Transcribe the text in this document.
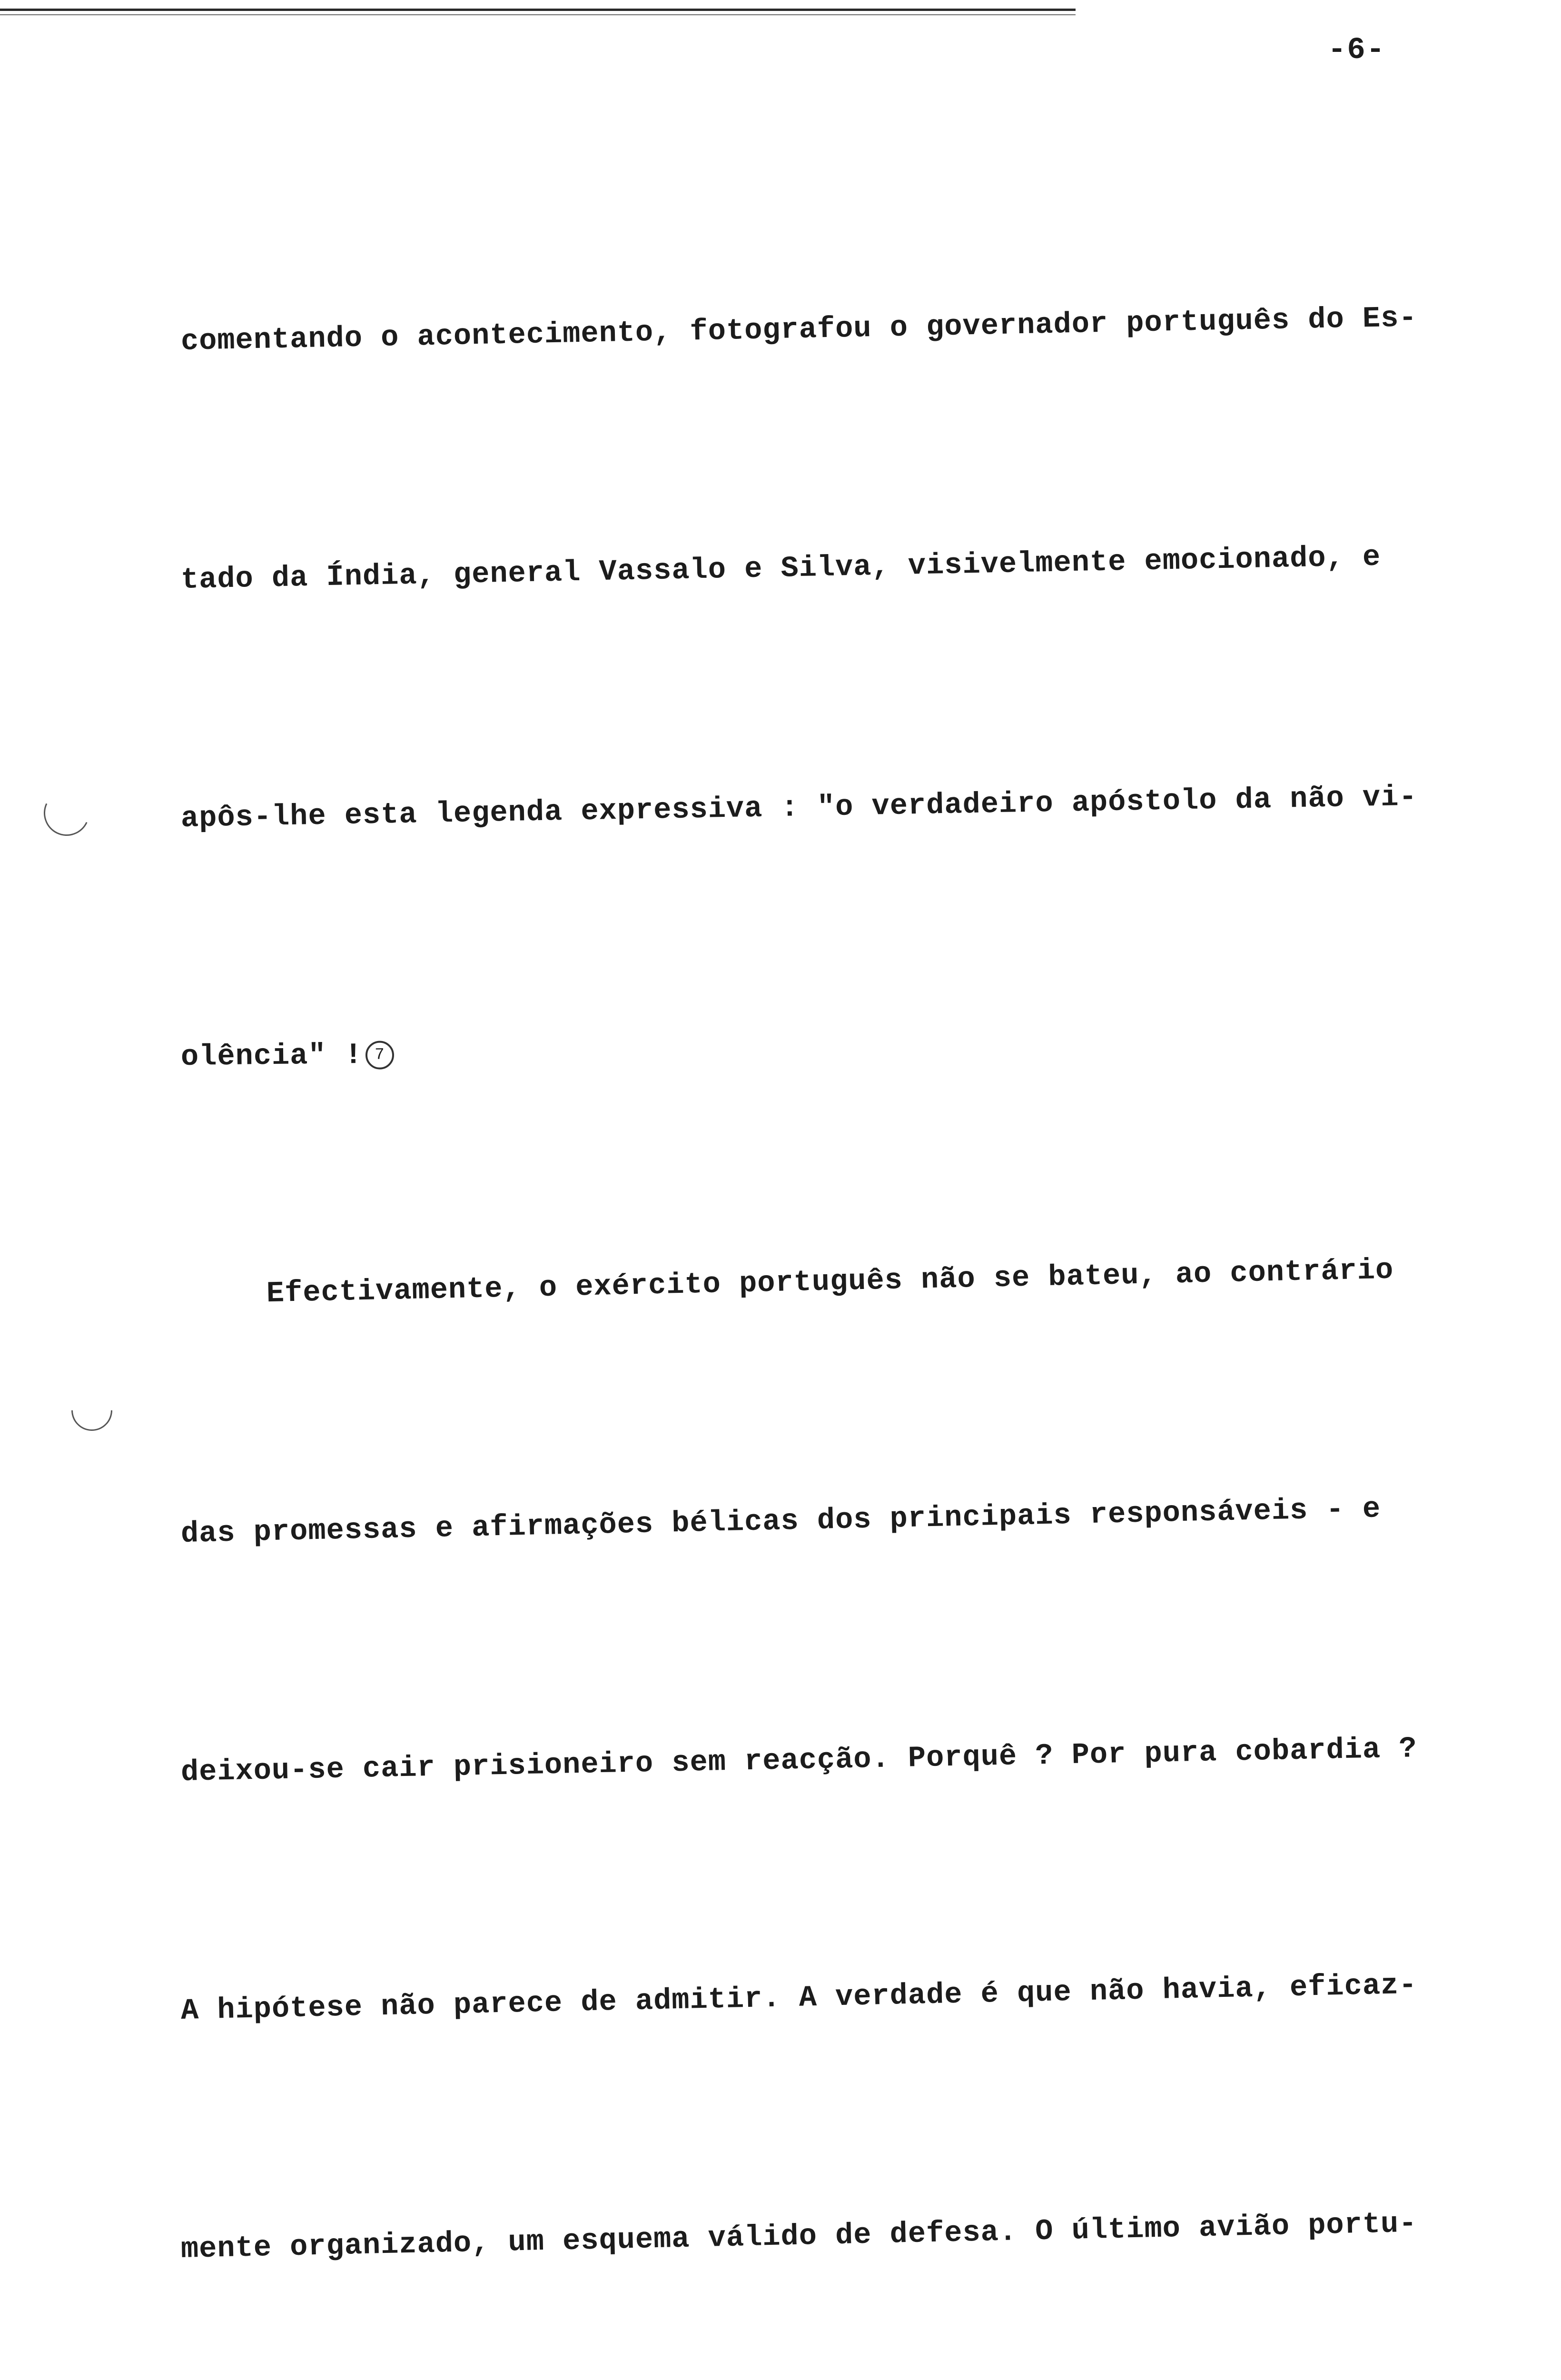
-6-

comentando o acontecimento, fotografou o governador português do Es-

tado da Índia, general Vassalo e Silva, visivelmente emocionado, e

apôs-lhe esta legenda expressiva : "o verdadeiro apóstolo da não vi-

olência" ! 7

Efectivamente, o exército português não se bateu, ao contrário

das promessas e afirmações bélicas dos principais responsáveis - e

deixou-se cair prisioneiro sem reacção. Porquê ? Por pura cobardia ?

A hipótese não parece de admitir. A verdade é que não havia, eficaz-

mente organizado, um esquema válido de defesa. O último avião portu-
